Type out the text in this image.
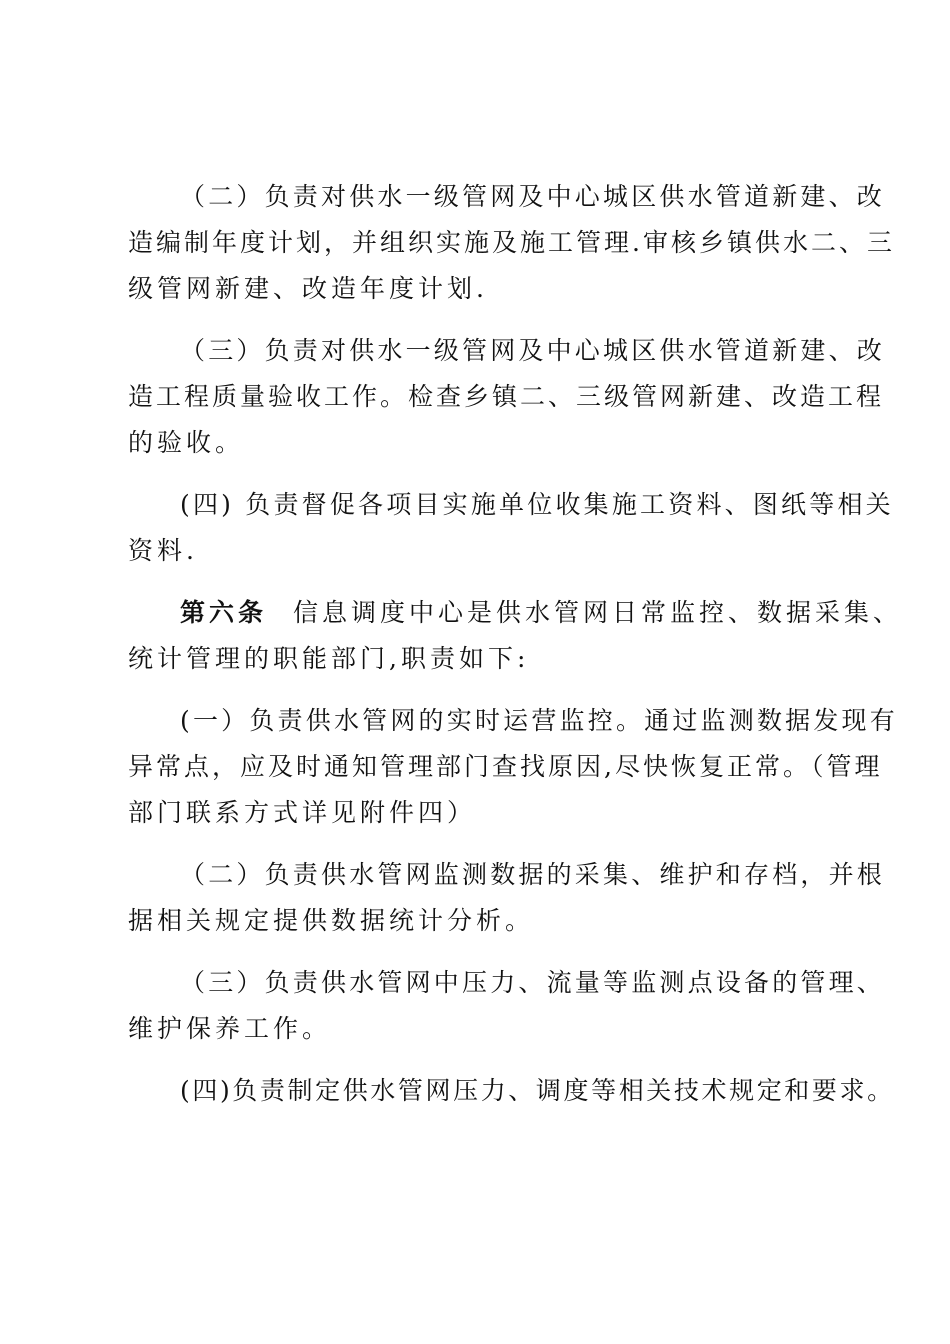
（二）负责对供水一级管网及中心城区供水管道新建、改

造编制年度计划，并组织实施及施工管理.审核乡镇供水二、三

级管网新建、改造年度计划.

（三）负责对供水一级管网及中心城区供水管道新建、改

造工程质量验收工作。检查乡镇二、三级管网新建、改造工程

的验收。

(四) 负责督促各项目实施单位收集施工资料、图纸等相关

资料.

第六条 信息调度中心是供水管网日常监控、数据采集、

统计管理的职能部门,职责如下:

(一）负责供水管网的实时运营监控。通过监测数据发现有

异常点，应及时通知管理部门查找原因,尽快恢复正常。（管理

部门联系方式详见附件四）

（二）负责供水管网监测数据的采集、维护和存档，并根

据相关规定提供数据统计分析。

（三）负责供水管网中压力、流量等监测点设备的管理、

维护保养工作。

(四)负责制定供水管网压力、调度等相关技术规定和要求。
